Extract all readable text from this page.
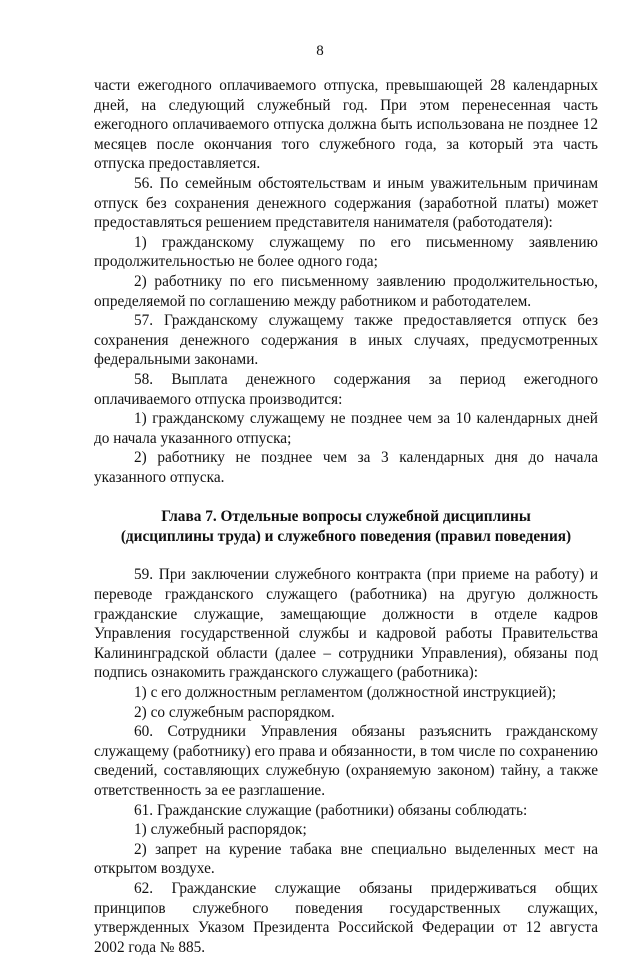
8

части ежегодного оплачиваемого отпуска, превышающей 28 календарных дней, на следующий служебный год. При этом перенесенная часть ежегодного оплачиваемого отпуска должна быть использована не позднее 12 месяцев после окончания того служебного года, за который эта часть отпуска предоставляется.

56. По семейным обстоятельствам и иным уважительным причинам отпуск без сохранения денежного содержания (заработной платы) может предоставляться решением представителя нанимателя (работодателя):

1) гражданскому служащему по его письменному заявлению продолжительностью не более одного года;

2) работнику по его письменному заявлению продолжительностью, определяемой по соглашению между работником и работодателем.

57. Гражданскому служащему также предоставляется отпуск без сохранения денежного содержания в иных случаях, предусмотренных федеральными законами.

58. Выплата денежного содержания за период ежегодного оплачиваемого отпуска производится:

1) гражданскому служащему не позднее чем за 10 календарных дней до начала указанного отпуска;

2) работнику не позднее чем за 3 календарных дня до начала указанного отпуска.

Глава 7. Отдельные вопросы служебной дисциплины
(дисциплины труда) и служебного поведения (правил поведения)

59. При заключении служебного контракта (при приеме на работу) и переводе гражданского служащего (работника) на другую должность гражданские служащие, замещающие должности в отделе кадров Управления государственной службы и кадровой работы Правительства Калининградской области (далее – сотрудники Управления), обязаны под подпись ознакомить гражданского служащего (работника):

1) с его должностным регламентом (должностной инструкцией);

2) со служебным распорядком.

60. Сотрудники Управления обязаны разъяснить гражданскому служащему (работнику) его права и обязанности, в том числе по сохранению сведений, составляющих служебную (охраняемую законом) тайну, а также ответственность за ее разглашение.

61. Гражданские служащие (работники) обязаны соблюдать:

1) служебный распорядок;

2) запрет на курение табака вне специально выделенных мест на открытом воздухе.

62. Гражданские служащие обязаны придерживаться общих принципов служебного поведения государственных служащих, утвержденных Указом Президента Российской Федерации от 12 августа 2002 года № 885.
